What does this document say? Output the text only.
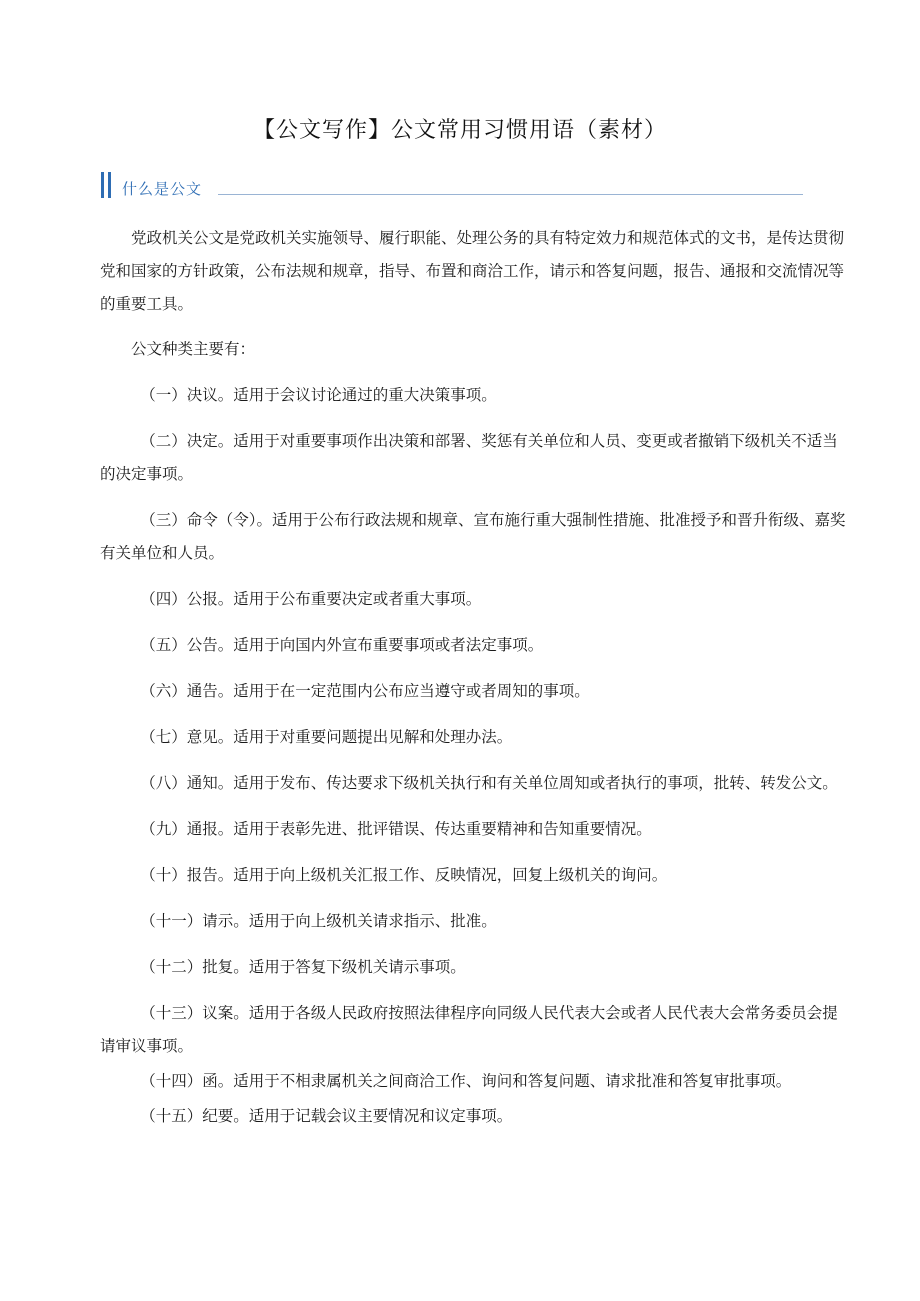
【公文写作】公文常用习惯用语（素材）
什么是公文

党政机关公文是党政机关实施领导、履行职能、处理公务的具有特定效力和规范体式的文书，是传达贯彻党和国家的方针政策，公布法规和规章，指导、布置和商洽工作，请示和答复问题，报告、通报和交流情况等的重要工具。

公文种类主要有：

（一）决议。适用于会议讨论通过的重大决策事项。

（二）决定。适用于对重要事项作出决策和部署、奖惩有关单位和人员、变更或者撤销下级机关不适当的决定事项。

（三）命令（令）。适用于公布行政法规和规章、宣布施行重大强制性措施、批准授予和晋升衔级、嘉奖有关单位和人员。

（四）公报。适用于公布重要决定或者重大事项。

（五）公告。适用于向国内外宣布重要事项或者法定事项。

（六）通告。适用于在一定范围内公布应当遵守或者周知的事项。

（七）意见。适用于对重要问题提出见解和处理办法。

（八）通知。适用于发布、传达要求下级机关执行和有关单位周知或者执行的事项，批转、转发公文。

（九）通报。适用于表彰先进、批评错误、传达重要精神和告知重要情况。

（十）报告。适用于向上级机关汇报工作、反映情况，回复上级机关的询问。

（十一）请示。适用于向上级机关请求指示、批准。

（十二）批复。适用于答复下级机关请示事项。

（十三）议案。适用于各级人民政府按照法律程序向同级人民代表大会或者人民代表大会常务委员会提请审议事项。

（十四）函。适用于不相隶属机关之间商洽工作、询问和答复问题、请求批准和答复审批事项。

（十五）纪要。适用于记载会议主要情况和议定事项。
